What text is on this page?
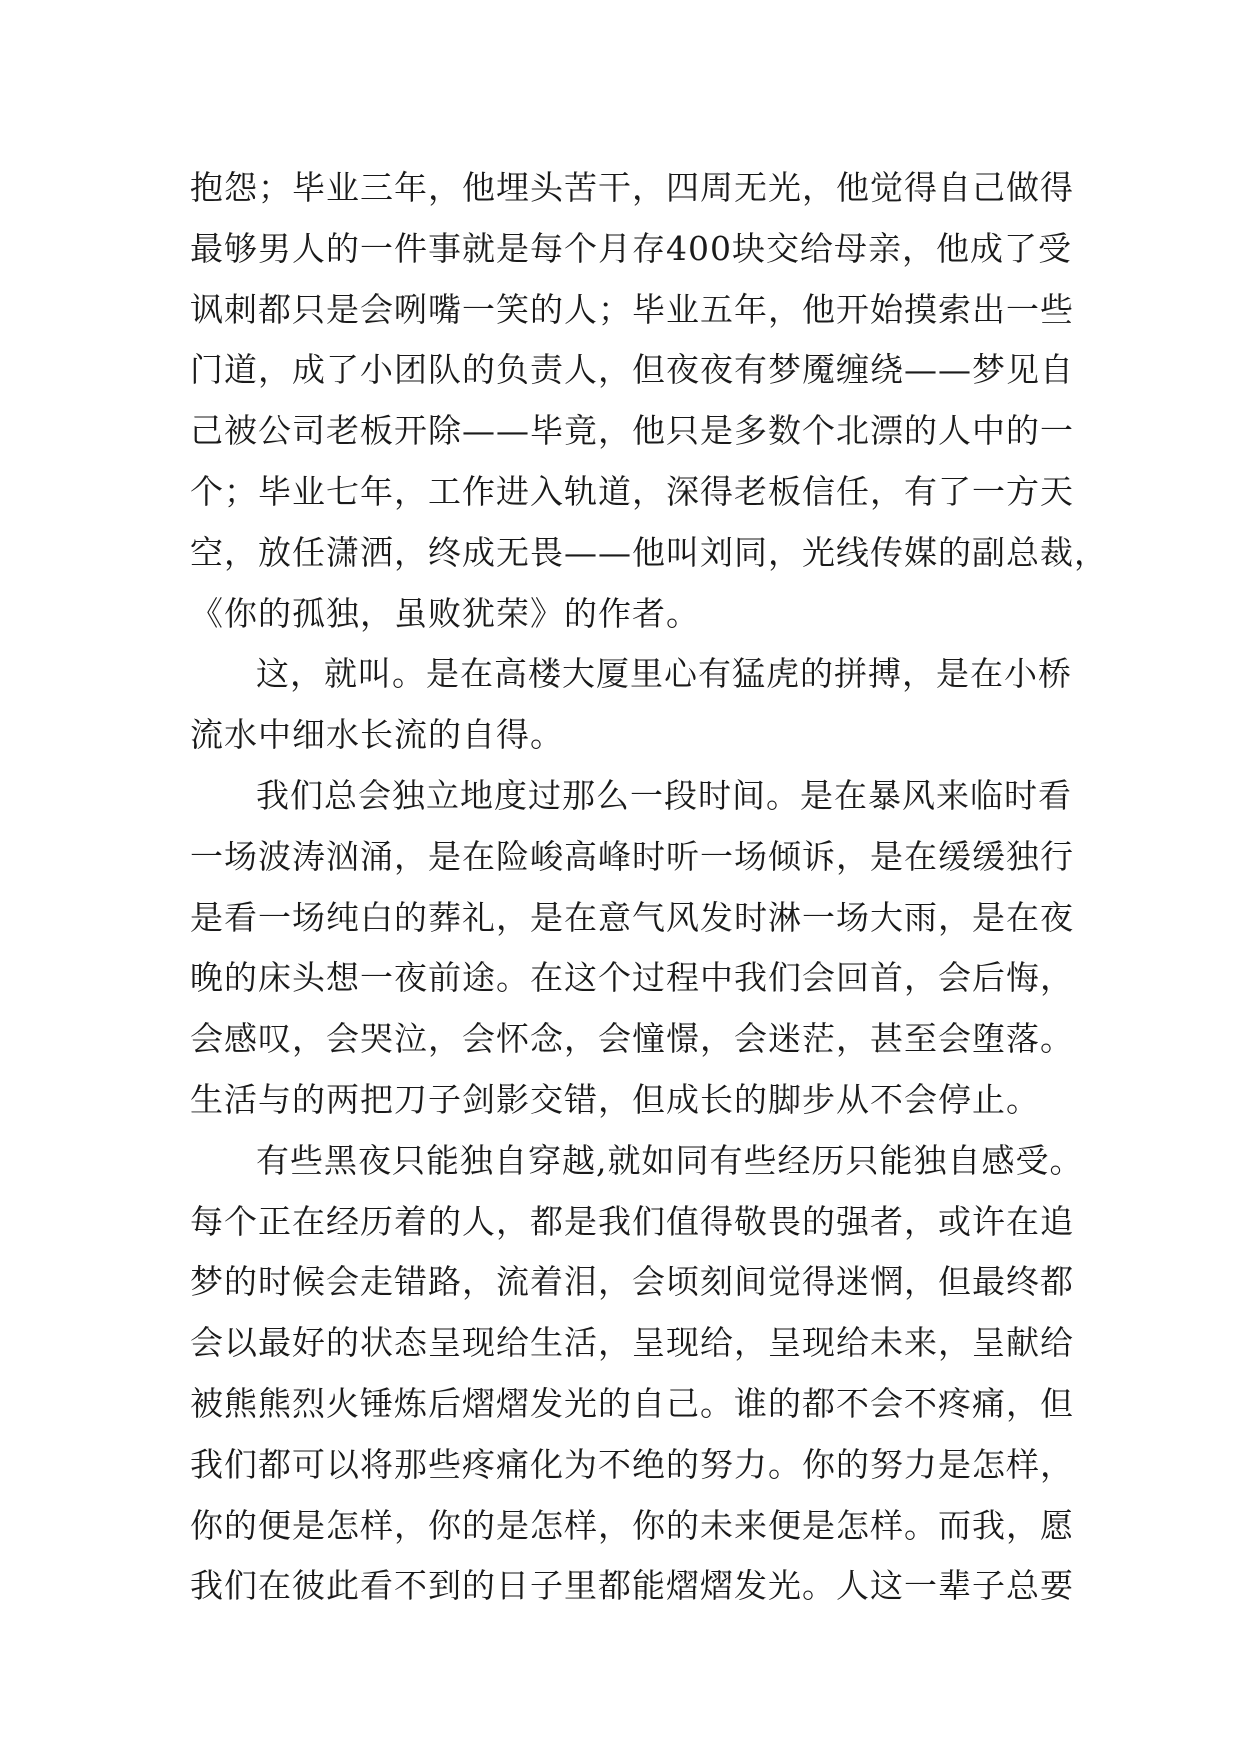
抱怨；毕业三年，他埋头苦干，四周无光，他觉得自己做得
最够男人的一件事就是每个月存400块交给母亲，他成了受
讽刺都只是会咧嘴一笑的人；毕业五年，他开始摸索出一些
门道，成了小团队的负责人，但夜夜有梦魇缠绕——梦见自
己被公司老板开除——毕竟，他只是多数个北漂的人中的一
个；毕业七年，工作进入轨道，深得老板信任，有了一方天
空，放任潇洒，终成无畏——他叫刘同，光线传媒的副总裁，
《你的孤独，虽败犹荣》的作者。
这，就叫。是在高楼大厦里心有猛虎的拼搏，是在小桥
流水中细水长流的自得。
我们总会独立地度过那么一段时间。是在暴风来临时看
一场波涛汹涌，是在险峻高峰时听一场倾诉，是在缓缓独行
是看一场纯白的葬礼，是在意气风发时淋一场大雨，是在夜
晚的床头想一夜前途。在这个过程中我们会回首，会后悔，
会感叹，会哭泣，会怀念，会憧憬，会迷茫，甚至会堕落。
生活与的两把刀子剑影交错，但成长的脚步从不会停止。
有些黑夜只能独自穿越,就如同有些经历只能独自感受。
每个正在经历着的人，都是我们值得敬畏的强者，或许在追
梦的时候会走错路，流着泪，会顷刻间觉得迷惘，但最终都
会以最好的状态呈现给生活，呈现给，呈现给未来，呈献给
被熊熊烈火锤炼后熠熠发光的自己。谁的都不会不疼痛，但
我们都可以将那些疼痛化为不绝的努力。你的努力是怎样，
你的便是怎样，你的是怎样，你的未来便是怎样。而我，愿
我们在彼此看不到的日子里都能熠熠发光。人这一辈子总要
